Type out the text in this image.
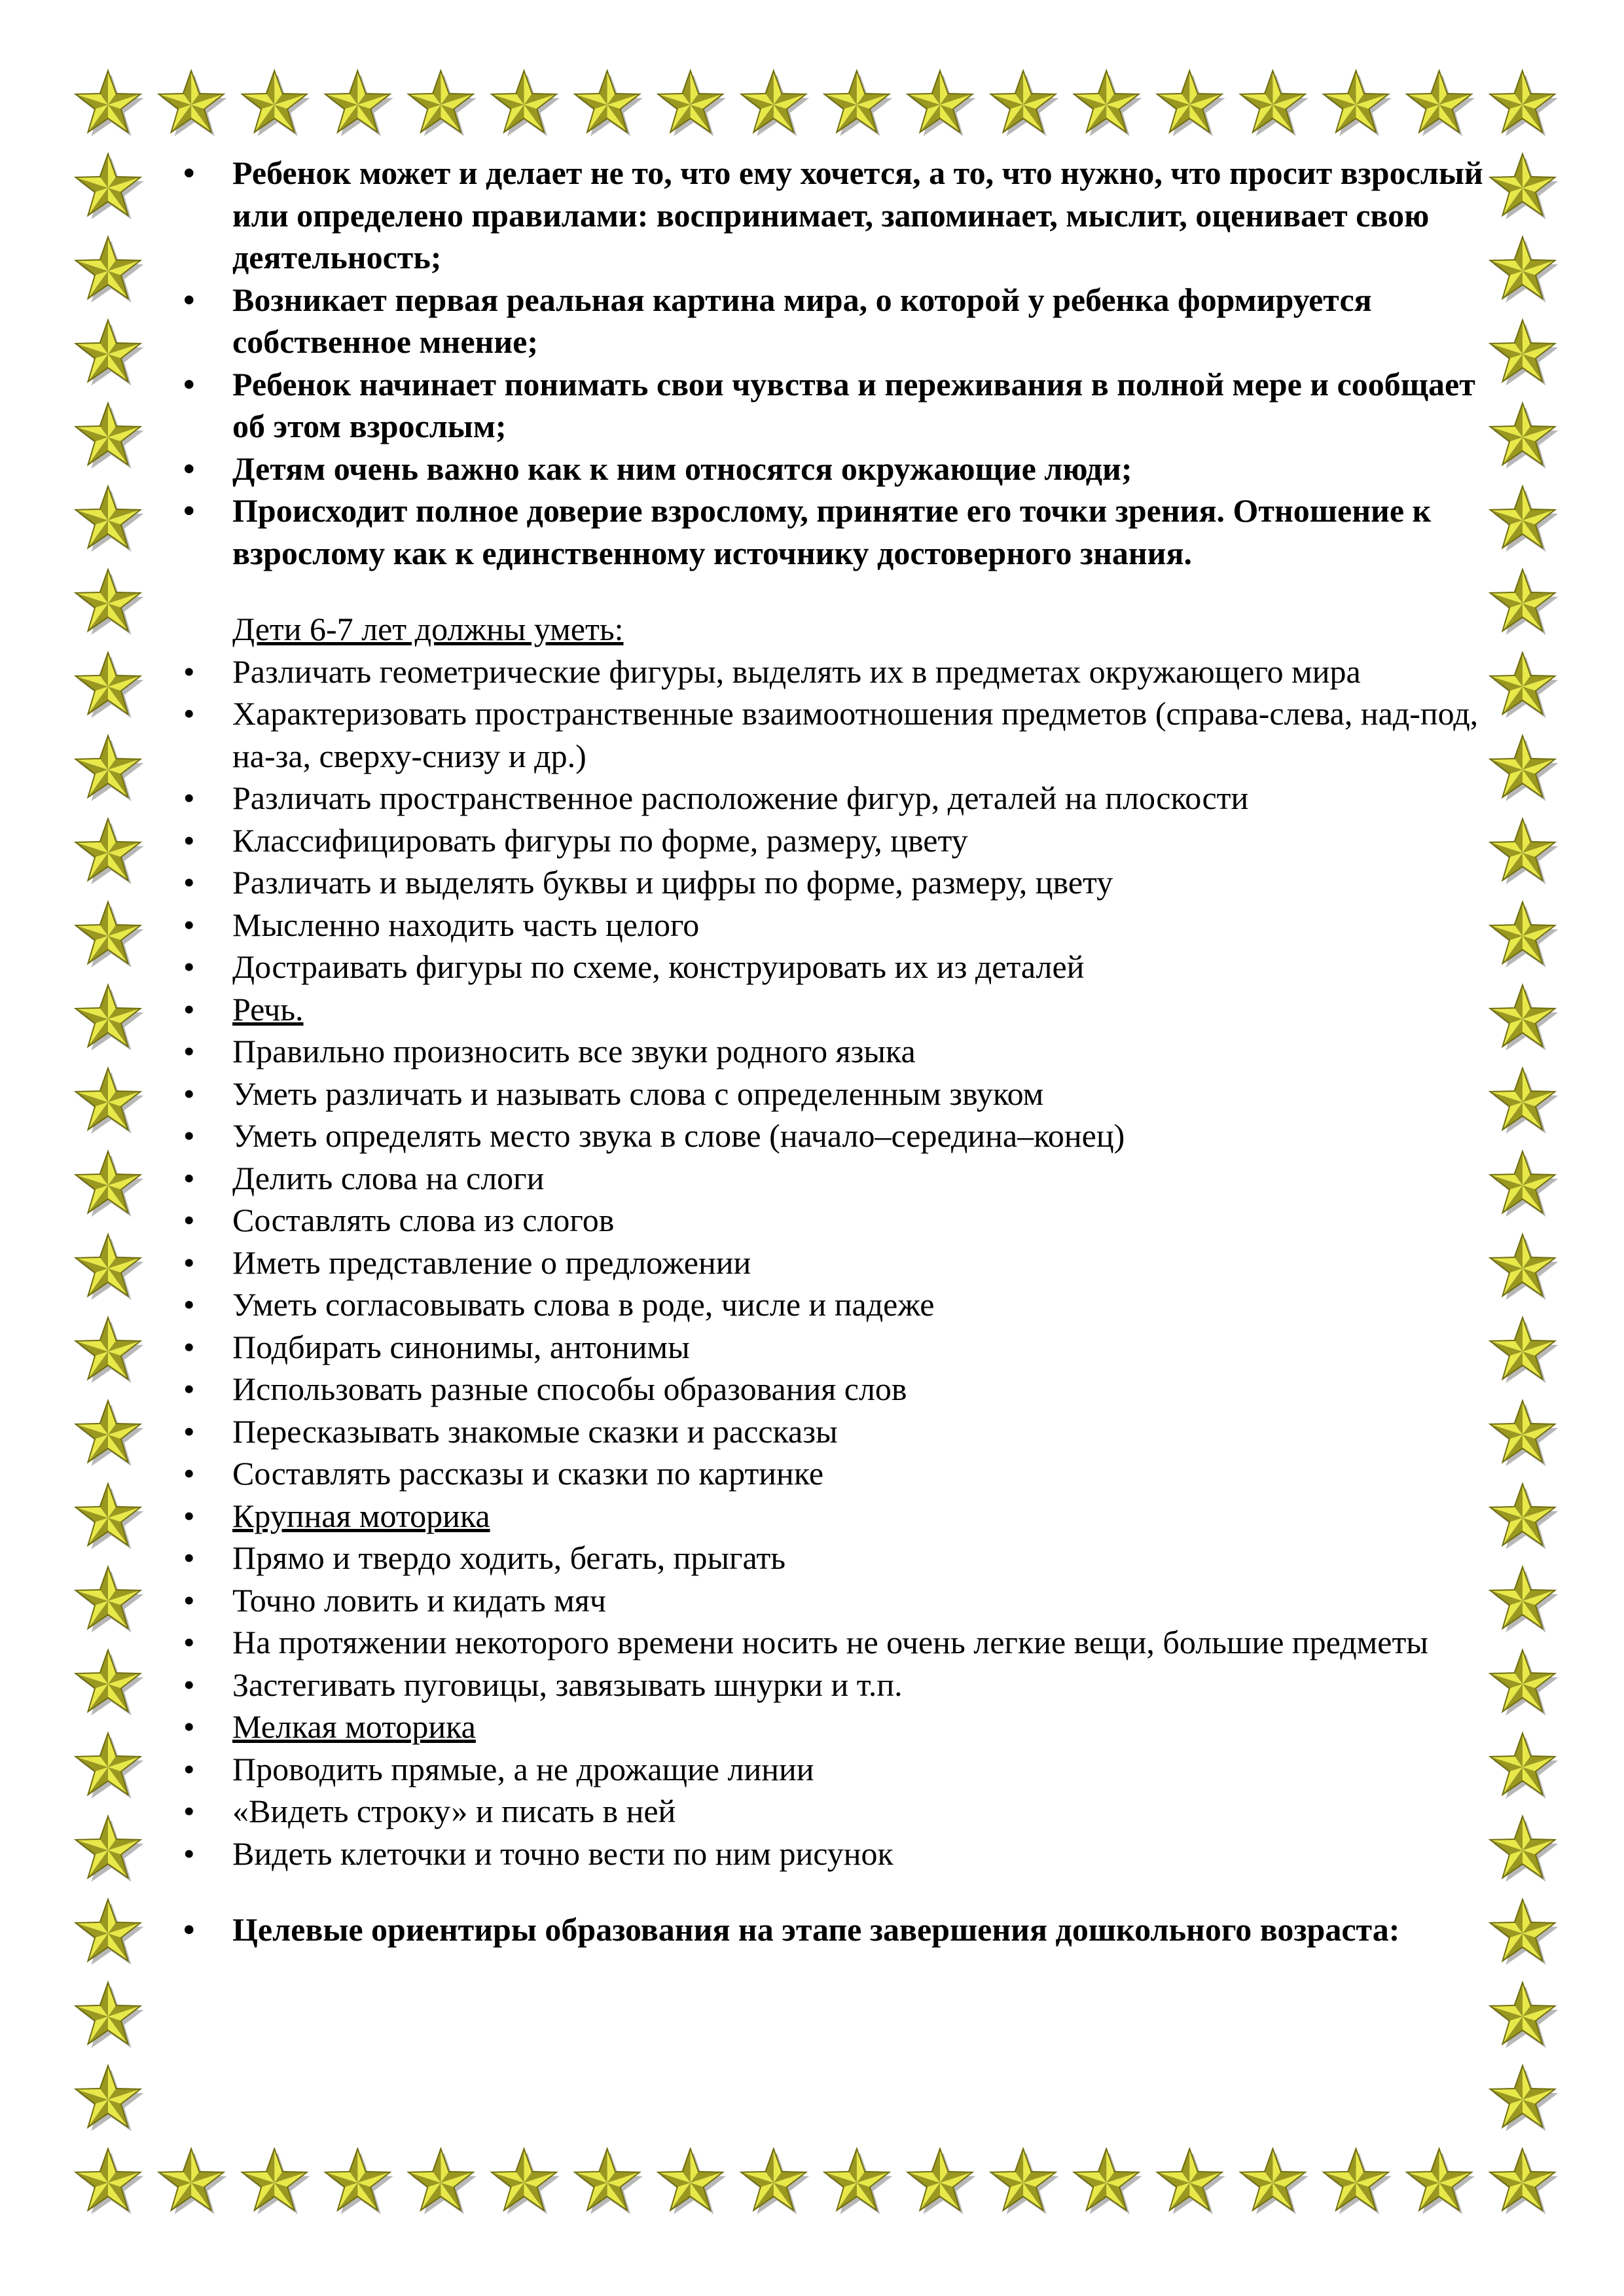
• Ребенок может и делает не то, что ему хочется, а то, что нужно, что просит взрослый или определено правилами: воспринимает, запоминает, мыслит, оценивает свою деятельность;
• Возникает первая реальная картина мира, о которой у ребенка формируется собственное мнение;
• Ребенок начинает понимать свои чувства и переживания в полной мере и сообщает об этом взрослым;
• Детям очень важно как к ним относятся окружающие люди;
• Происходит полное доверие взрослому, принятие его точки зрения. Отношение к взрослому как к единственному источнику достоверного знания.
Дети 6-7 лет должны уметь:
• Различать геометрические фигуры, выделять их в предметах окружающего мира
• Характеризовать пространственные взаимоотношения предметов (справа-слева, над-под, на-за, сверху-снизу и др.)
• Различать пространственное расположение фигур, деталей на плоскости
• Классифицировать фигуры по форме, размеру, цвету
• Различать и выделять буквы и цифры по форме, размеру, цвету
• Мысленно находить часть целого
• Достраивать фигуры по схеме, конструировать их из деталей
• Речь.
• Правильно произносить все звуки родного языка
• Уметь различать и называть слова с определенным звуком
• Уметь определять место звука в слове (начало–середина–конец)
• Делить слова на слоги
• Составлять слова из слогов
• Иметь представление о предложении
• Уметь согласовывать слова в роде, числе и падеже
• Подбирать синонимы, антонимы
• Использовать разные способы образования слов
• Пересказывать знакомые сказки и рассказы
• Составлять рассказы и сказки по картинке
• Крупная моторика
• Прямо и твердо ходить, бегать, прыгать
• Точно ловить и кидать мяч
• На протяжении некоторого времени носить не очень легкие вещи, большие предметы
• Застегивать пуговицы, завязывать шнурки и т.п.
• Мелкая моторика
• Проводить прямые, а не дрожащие линии
• «Видеть строку» и писать в ней
• Видеть клеточки и точно вести по ним рисунок
• Целевые ориентиры образования на этапе завершения дошкольного возраста:
